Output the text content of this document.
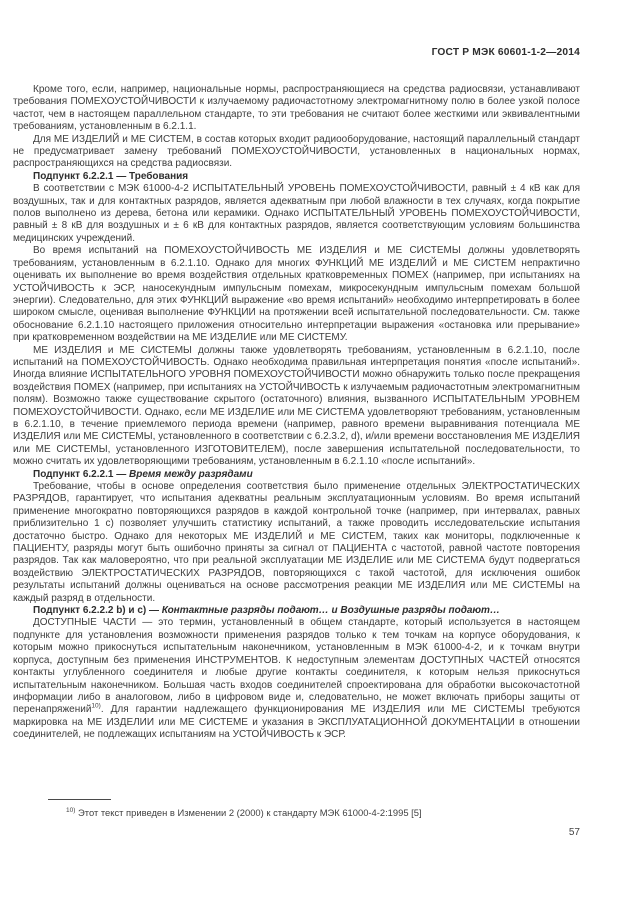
ГОСТ Р МЭК 60601-1-2—2014

Кроме того, если, например, национальные нормы, распространяющиеся на средства радиосвязи, устанавливают требования ПОМЕХОУСТОЙЧИВОСТИ к излучаемому радиочастотному электромагнитному полю в более узкой полосе частот, чем в настоящем параллельном стандарте, то эти требования не считают более жесткими или эквивалентными требованиям, установленным в 6.2.1.1.

Для МЕ ИЗДЕЛИЙ и МЕ СИСТЕМ, в состав которых входит радиооборудование, настоящий параллельный стандарт не предусматривает замену требований ПОМЕХОУСТОЙЧИВОСТИ, установленных в национальных нормах, распространяющихся на средства радиосвязи.

Подпункт 6.2.2.1 — Требования

В соответствии с МЭК 61000-4-2 ИСПЫТАТЕЛЬНЫЙ УРОВЕНЬ ПОМЕХОУСТОЙЧИВОСТИ, равный ± 4 кВ как для воздушных, так и для контактных разрядов, является адекватным при любой влажности в тех случаях, когда покрытие полов выполнено из дерева, бетона или керамики. Однако ИСПЫТАТЕЛЬНЫЙ УРОВЕНЬ ПОМЕХОУСТОЙЧИВОСТИ, равный ± 8 кВ для воздушных и ± 6 кВ для контактных разрядов, является соответствующим условиям большинства медицинских учреждений.

Во время испытаний на ПОМЕХОУСТОЙЧИВОСТЬ МЕ ИЗДЕЛИЯ и МЕ СИСТЕМЫ должны удовлетворять требованиям, установленным в 6.2.1.10. Однако для многих ФУНКЦИЙ МЕ ИЗДЕЛИЙ и МЕ СИСТЕМ непрактично оценивать их выполнение во время воздействия отдельных кратковременных ПОМЕХ (например, при испытаниях на УСТОЙЧИВОСТЬ к ЭСР, наносекундным импульсным помехам, микросекундным импульсным помехам большой энергии). Следовательно, для этих ФУНКЦИЙ выражение «во время испытаний» необходимо интерпретировать в более широком смысле, оценивая выполнение ФУНКЦИИ на протяжении всей испытательной последовательности. См. также обоснование 6.2.1.10 настоящего приложения относительно интерпретации выражения «остановка или прерывание» при кратковременном воздействии на МЕ ИЗДЕЛИЕ или МЕ СИСТЕМУ.

МЕ ИЗДЕЛИЯ и МЕ СИСТЕМЫ должны также удовлетворять требованиям, установленным в 6.2.1.10, после испытаний на ПОМЕХОУСТОЙЧИВОСТЬ. Однако необходима правильная интерпретация понятия «после испытаний». Иногда влияние ИСПЫТАТЕЛЬНОГО УРОВНЯ ПОМЕХОУСТОЙЧИВОСТИ можно обнаружить только после прекращения воздействия ПОМЕХ (например, при испытаниях на УСТОЙЧИВОСТЬ к излучаемым радиочастотным электромагнитным полям). Возможно также существование скрытого (остаточного) влияния, вызванного ИСПЫТАТЕЛЬНЫМ УРОВНЕМ ПОМЕХОУСТОЙЧИВОСТИ. Однако, если МЕ ИЗДЕЛИЕ или МЕ СИСТЕМА удовлетворяют требованиям, установленным в 6.2.1.10, в течение приемлемого периода времени (например, равного времени выравнивания потенциала МЕ ИЗДЕЛИЯ или МЕ СИСТЕМЫ, установленного в соответствии с 6.2.3.2, d), и/или времени восстановления МЕ ИЗДЕЛИЯ или МЕ СИСТЕМЫ, установленного ИЗГОТОВИТЕЛЕМ), после завершения испытательной последовательности, то можно считать их удовлетворяющими требованиям, установленным в 6.2.1.10 «после испытаний».

Подпункт 6.2.2.1 — Время между разрядами

Требование, чтобы в основе определения соответствия было применение отдельных ЭЛЕКТРОСТАТИЧЕСКИХ РАЗРЯДОВ, гарантирует, что испытания адекватны реальным эксплуатационным условиям. Во время испытаний применение многократно повторяющихся разрядов в каждой контрольной точке (например, при интервалах, равных приблизительно 1 с) позволяет улучшить статистику испытаний, а также проводить исследовательские испытания достаточно быстро. Однако для некоторых МЕ ИЗДЕЛИЙ и МЕ СИСТЕМ, таких как мониторы, подключенные к ПАЦИЕНТУ, разряды могут быть ошибочно приняты за сигнал от ПАЦИЕНТА с частотой, равной частоте повторения разрядов. Так как маловероятно, что при реальной эксплуатации МЕ ИЗДЕЛИЕ или МЕ СИСТЕМА будут подвергаться воздействию ЭЛЕКТРОСТАТИЧЕСКИХ РАЗРЯДОВ, повторяющихся с такой частотой, для исключения ошибок результаты испытаний должны оцениваться на основе рассмотрения реакции МЕ ИЗДЕЛИЯ или МЕ СИСТЕМЫ на каждый разряд в отдельности.

Подпункт 6.2.2.2 b) и c) — Контактные разряды подают… и Воздушные разряды подают…

ДОСТУПНЫЕ ЧАСТИ — это термин, установленный в общем стандарте, который используется в настоящем подпункте для установления возможности применения разрядов только к тем точкам на корпусе оборудования, к которым можно прикоснуться испытательным наконечником, установленным в МЭК 61000-4-2, и к точкам внутри корпуса, доступным без применения ИНСТРУМЕНТОВ. К недоступным элементам ДОСТУПНЫХ ЧАСТЕЙ относятся контакты углубленного соединителя и любые другие контакты соединителя, к которым нельзя прикоснуться испытательным наконечником. Большая часть входов соединителей спроектирована для обработки высокочастотной информации либо в аналоговом, либо в цифровом виде и, следовательно, не может включать приборы защиты от перенапряжений$^{10)}$. Для гарантии надлежащего функционирования МЕ ИЗДЕЛИЯ или МЕ СИСТЕМЫ требуются маркировка на МЕ ИЗДЕЛИИ или МЕ СИСТЕМЕ и указания в ЭКСПЛУАТАЦИОННОЙ ДОКУМЕНТАЦИИ в отношении соединителей, не подлежащих испытаниям на УСТОЙЧИВОСТЬ к ЭСР.

$^{10)}$ Этот текст приведен в Изменении 2 (2000) к стандарту МЭК 61000-4-2:1995 [5]

57
